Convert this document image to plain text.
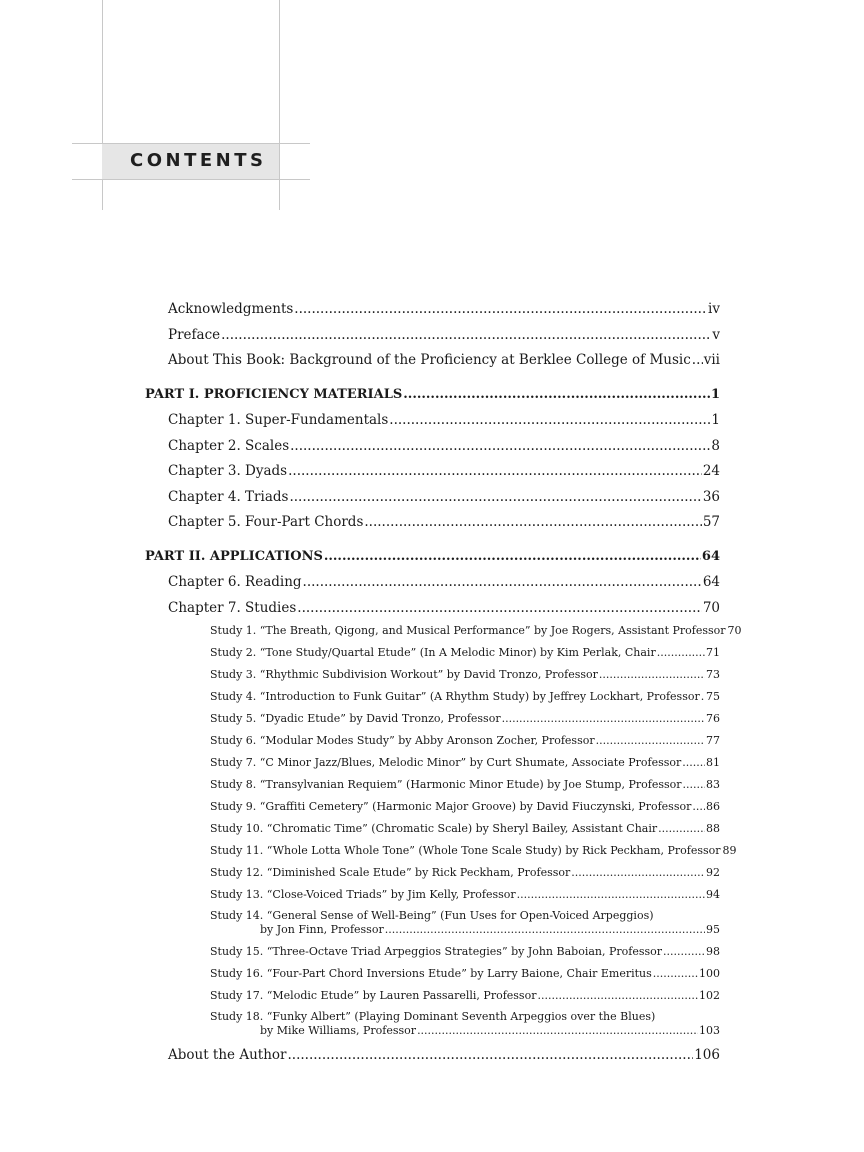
CONTENTS
Acknowledgments .....	iv
Preface .....	v
About This Book: Background of the Proficiency at Berklee College of Music ..... vii
PART I. PROFICIENCY MATERIALS .....	1
Chapter 1. Super-Fundamentals .....	1
Chapter 2. Scales .....	8
Chapter 3. Dyads .....	24
Chapter 4. Triads .....	36
Chapter 5. Four-Part Chords .....	57
PART II. APPLICATIONS .....	64
Chapter 6. Reading .....	64
Chapter 7. Studies .....	70
Study 1. “The Breath, Qigong, and Musical Performance” by Joe Rogers, Assistant Professor 70
Study 2. “Tone Study/Quartal Etude” (In A Melodic Minor) by Kim Perlak, Chair .....	71
Study 3. “Rhythmic Subdivision Workout” by David Tronzo, Professor .....	73
Study 4. “Introduction to Funk Guitar” (A Rhythm Study) by Jeffrey Lockhart, Professor ..... 75
Study 5. “Dyadic Etude” by David Tronzo, Professor .....	76
Study 6. “Modular Modes Study” by Abby Aronson Zocher, Professor .....	77
Study 7. “C Minor Jazz/Blues, Melodic Minor” by Curt Shumate, Associate Professor ..... 81
Study 8. “Transylvanian Requiem” (Harmonic Minor Etude) by Joe Stump, Professor ..... 83
Study 9. “Graffiti Cemetery” (Harmonic Major Groove) by David Fiuczynski, Professor ..... 86
Study 10. “Chromatic Time” (Chromatic Scale) by Sheryl Bailey, Assistant Chair .....	88
Study 11. “Whole Lotta Whole Tone” (Whole Tone Scale Study) by Rick Peckham, Professor 89
Study 12. “Diminished Scale Etude” by Rick Peckham, Professor .....	92
Study 13. “Close-Voiced Triads” by Jim Kelly, Professor .....	94
Study 14. “General Sense of Well-Being” (Fun Uses for Open-Voiced Arpeggios)
by Jon Finn, Professor .....	95
Study 15. “Three-Octave Triad Arpeggios Strategies” by John Baboian, Professor .....	98
Study 16. “Four-Part Chord Inversions Etude” by Larry Baione, Chair Emeritus .....	100
Study 17. “Melodic Etude” by Lauren Passarelli, Professor .....	102
Study 18. “Funky Albert” (Playing Dominant Seventh Arpeggios over the Blues)
by Mike Williams, Professor .....	103
About the Author .....	106
